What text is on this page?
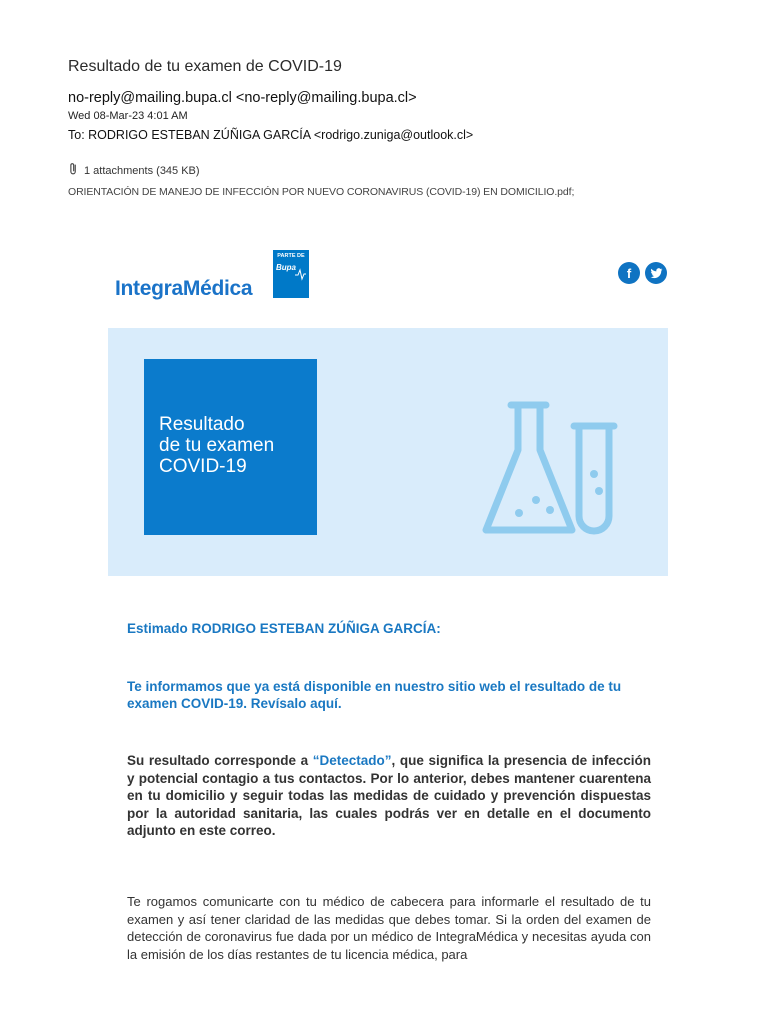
Resultado de tu examen de COVID-19
no-reply@mailing.bupa.cl <no-reply@mailing.bupa.cl>
Wed 08-Mar-23 4:01 AM
To: RODRIGO ESTEBAN ZÚÑIGA GARCÍA <rodrigo.zuniga@outlook.cl>
1 attachments (345 KB)
ORIENTACIÓN DE MANEJO DE INFECCIÓN POR NUEVO CORONAVIRUS (COVID-19) EN DOMICILIO.pdf;
IntegraMédica
PARTE DE
Bupa	f
Resultado
de tu examen
COVID-19
Estimado RODRIGO ESTEBAN ZÚÑIGA GARCÍA:
Te informamos que ya está disponible en nuestro sitio web el resultado de tu examen COVID-19. Revísalo aquí.
Su resultado corresponde a “Detectado”, que significa la presencia de infección y potencial contagio a tus contactos. Por lo anterior, debes mantener cuarentena en tu domicilio y seguir todas las medidas de cuidado y prevención dispuestas por la autoridad sanitaria, las cuales podrás ver en detalle en el documento adjunto en este correo.
Te rogamos comunicarte con tu médico de cabecera para informarle el resultado de tu examen y así tener claridad de las medidas que debes tomar. Si la orden del examen de detección de coronavirus fue dada por un médico de IntegraMédica y necesitas ayuda con la emisión de los días restantes de tu licencia médica, para
